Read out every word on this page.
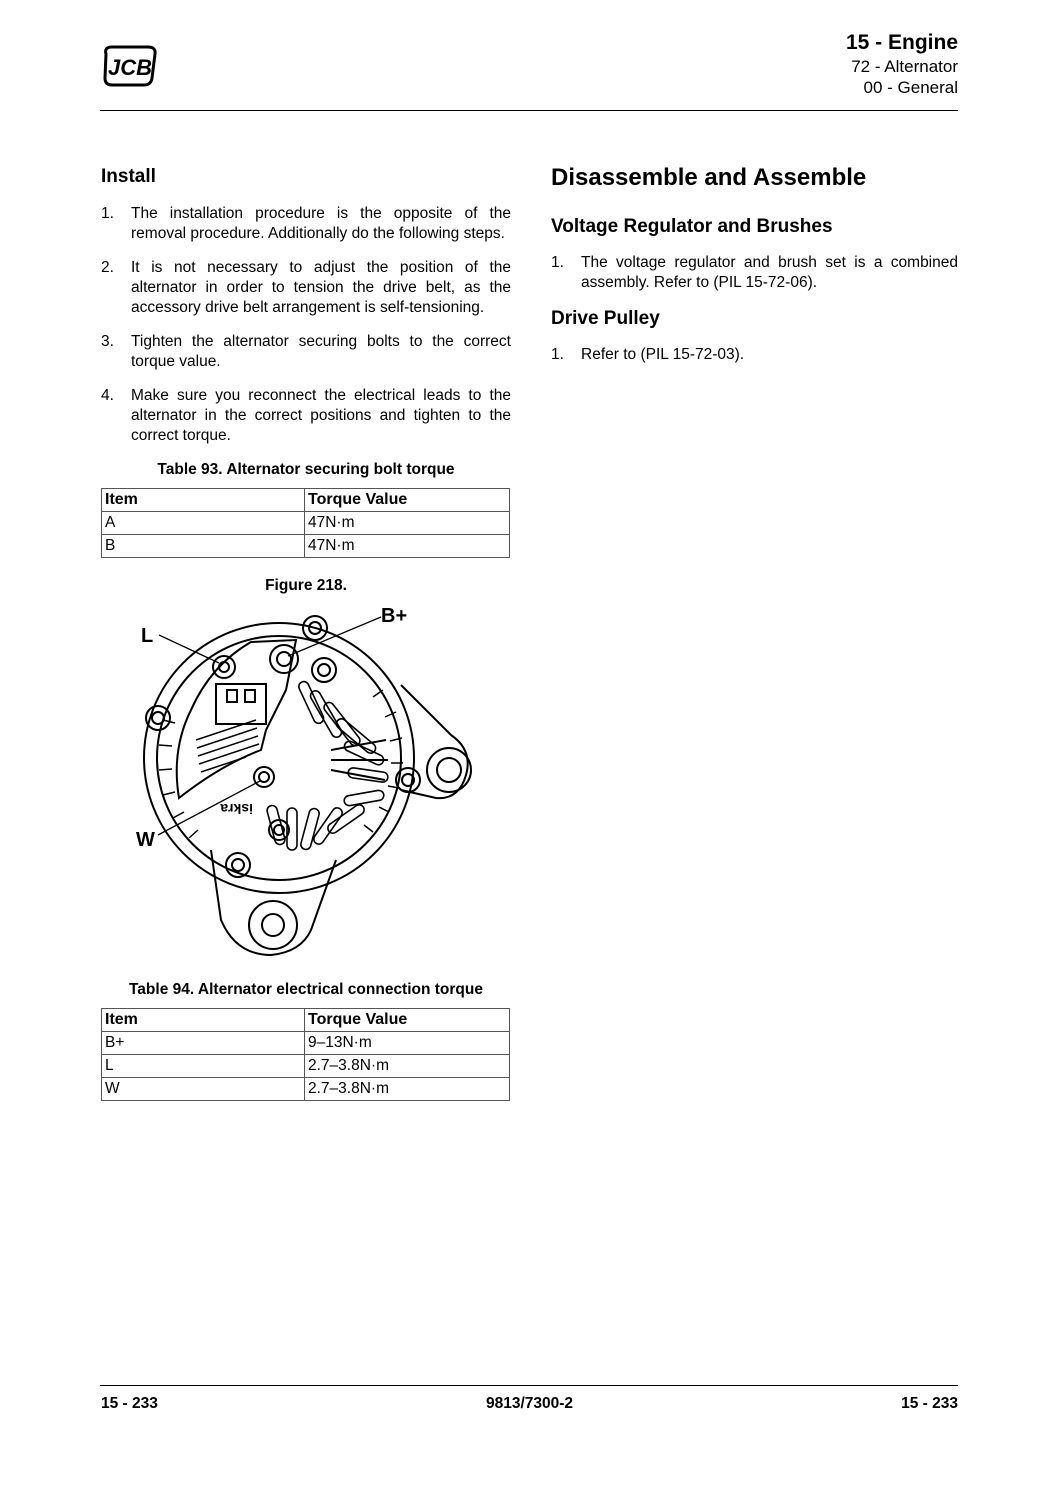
JCB
15 - Engine
72 - Alternator
00 - General
Install
1. The installation procedure is the opposite of the removal procedure. Additionally do the following steps.
2. It is not necessary to adjust the position of the alternator in order to tension the drive belt, as the accessory drive belt arrangement is self-tensioning.
3. Tighten the alternator securing bolts to the correct torque value.
4. Make sure you reconnect the electrical leads to the alternator in the correct positions and tighten to the correct torque.
Table 93. Alternator securing bolt torque
Item	Torque Value
A	47N·m
B	47N·m
Figure 218.
iskra
L
B+
W
Table 94. Alternator electrical connection torque
Item	Torque Value
B+	9–13N·m
L	2.7–3.8N·m
W	2.7–3.8N·m
Disassemble and Assemble
Voltage Regulator and Brushes
1. The voltage regulator and brush set is a combined assembly. Refer to (PIL 15-72-06).
Drive Pulley
1. Refer to (PIL 15-72-03).
15 - 233	9813/7300-2	15 - 233
